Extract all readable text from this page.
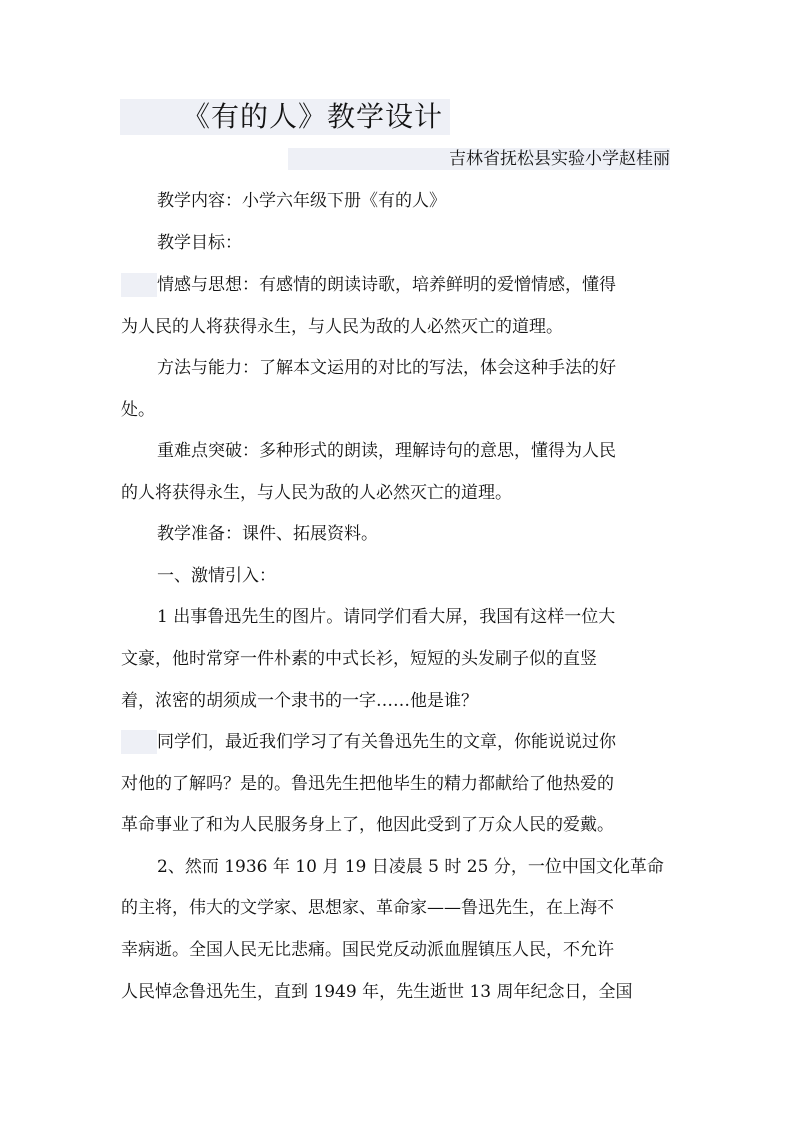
《有的人》教学设计
吉林省抚松县实验小学赵桂丽
教学内容：小学六年级下册《有的人》
教学目标：
情感与思想：有感情的朗读诗歌，培养鲜明的爱憎情感，懂得
为人民的人将获得永生，与人民为敌的人必然灭亡的道理。
方法与能力：了解本文运用的对比的写法，体会这种手法的好
处。
重难点突破：多种形式的朗读，理解诗句的意思，懂得为人民
的人将获得永生，与人民为敌的人必然灭亡的道理。
教学准备：课件、拓展资料。
一、激情引入：
1 出事鲁迅先生的图片。请同学们看大屏，我国有这样一位大
文豪，他时常穿一件朴素的中式长衫，短短的头发刷子似的直竖
着，浓密的胡须成一个隶书的一字……他是谁？
同学们，最近我们学习了有关鲁迅先生的文章，你能说说过你
对他的了解吗？是的。鲁迅先生把他毕生的精力都献给了他热爱的
革命事业了和为人民服务身上了，他因此受到了万众人民的爱戴。
2、然而 1936 年 10 月 19 日凌晨 5 时 25 分，一位中国文化革命
的主将，伟大的文学家、思想家、革命家——鲁迅先生，在上海不
幸病逝。全国人民无比悲痛。国民党反动派血腥镇压人民，不允许
人民悼念鲁迅先生，直到 1949 年，先生逝世 13 周年纪念日，全国
